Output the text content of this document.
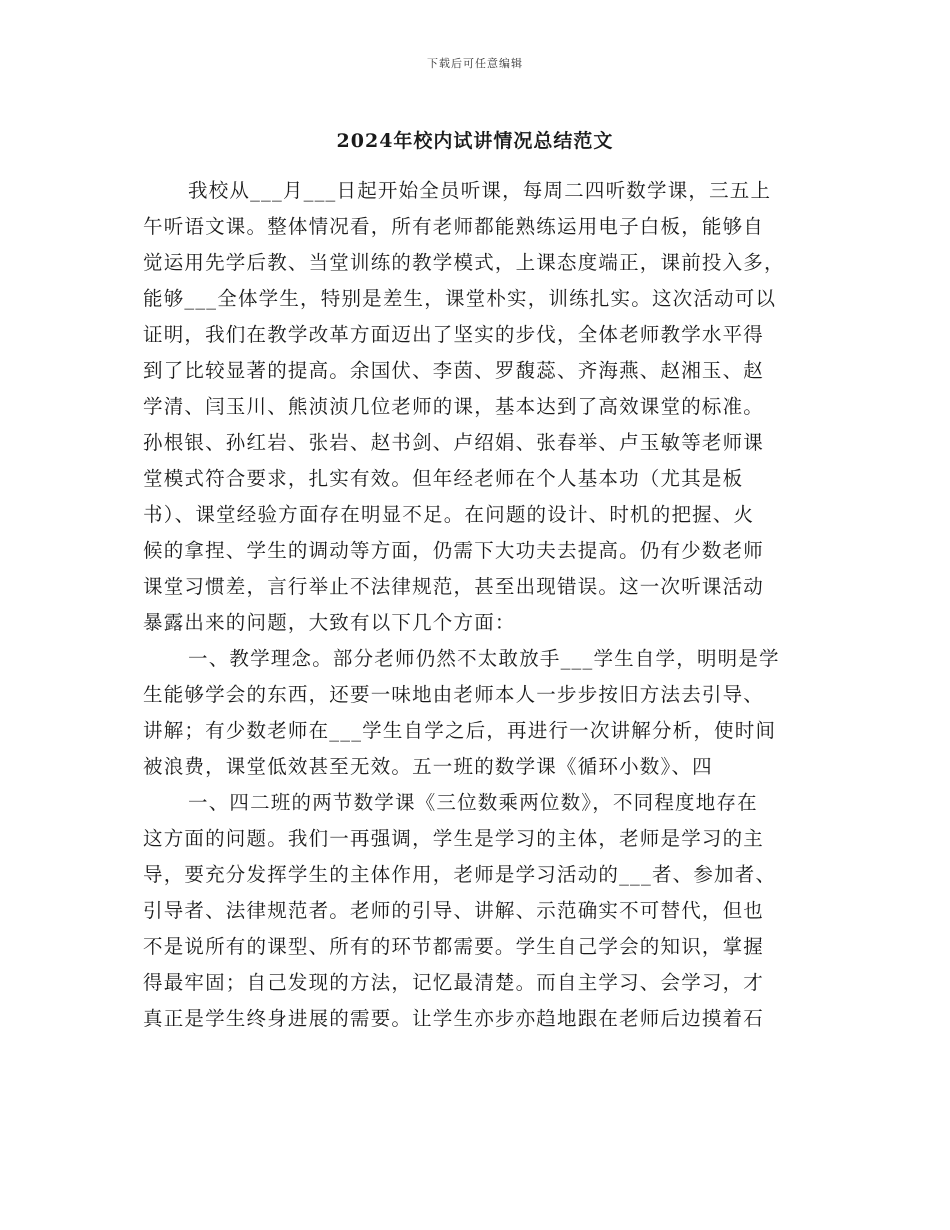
下载后可任意编辑
2024年校内试讲情况总结范文
我校从___月___日起开始全员听课，每周二四听数学课，三五上
午听语文课。整体情况看，所有老师都能熟练运用电子白板，能够自
觉运用先学后教、当堂训练的教学模式，上课态度端正，课前投入多，
能够___全体学生，特别是差生，课堂朴实，训练扎实。这次活动可以
证明，我们在教学改革方面迈出了坚实的步伐，全体老师教学水平得
到了比较显著的提高。余国伏、李茵、罗馥蕊、齐海燕、赵湘玉、赵
学清、闫玉川、熊浈浈几位老师的课，基本达到了高效课堂的标准。
孙根银、孙红岩、张岩、赵书剑、卢绍娟、张春举、卢玉敏等老师课
堂模式符合要求，扎实有效。但年经老师在个人基本功（尤其是板
书）、课堂经验方面存在明显不足。在问题的设计、时机的把握、火
候的拿捏、学生的调动等方面，仍需下大功夫去提高。仍有少数老师
课堂习惯差，言行举止不法律规范，甚至出现错误。这一次听课活动
暴露出来的问题，大致有以下几个方面：
一、教学理念。部分老师仍然不太敢放手___学生自学，明明是学
生能够学会的东西，还要一味地由老师本人一步步按旧方法去引导、
讲解；有少数老师在___学生自学之后，再进行一次讲解分析，使时间
被浪费，课堂低效甚至无效。五一班的数学课《循环小数》、四
一、四二班的两节数学课《三位数乘两位数》，不同程度地存在
这方面的问题。我们一再强调，学生是学习的主体，老师是学习的主
导，要充分发挥学生的主体作用，老师是学习活动的___者、参加者、
引导者、法律规范者。老师的引导、讲解、示范确实不可替代，但也
不是说所有的课型、所有的环节都需要。学生自己学会的知识，掌握
得最牢固；自己发现的方法，记忆最清楚。而自主学习、会学习，才
真正是学生终身进展的需要。让学生亦步亦趋地跟在老师后边摸着石
